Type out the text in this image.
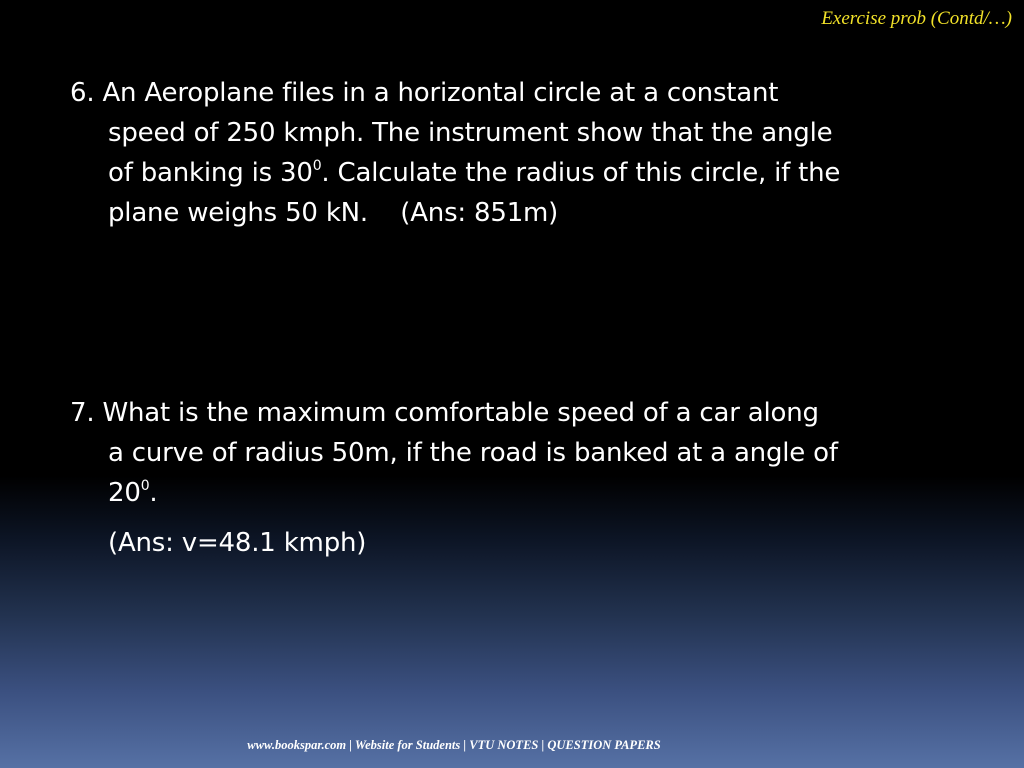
Exercise prob (Contd/…)
6. An Aeroplane files in a horizontal circle at a constant
speed of 250 kmph. The instrument show that the angle
of banking is $30^0$. Calculate the radius of this circle, if the
plane weighs 50 kN.    (Ans: 851m)
7. What is the maximum comfortable speed of a car along
a curve of radius 50m, if the road is banked at a angle of
$20^0$.
(Ans: v=48.1 kmph)
www.bookspar.com | Website for Students | VTU NOTES | QUESTION PAPERS
